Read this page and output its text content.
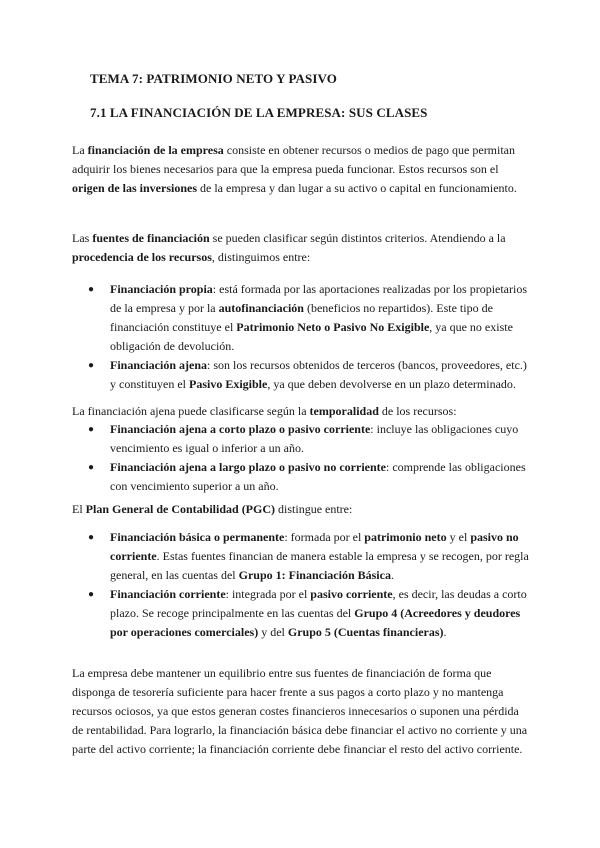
TEMA 7: PATRIMONIO NETO Y PASIVO
7.1 LA FINANCIACIÓN DE LA EMPRESA: SUS CLASES

La financiación de la empresa consiste en obtener recursos o medios de pago que permitan adquirir los bienes necesarios para que la empresa pueda funcionar. Estos recursos son el origen de las inversiones de la empresa y dan lugar a su activo o capital en funcionamiento.

Las fuentes de financiación se pueden clasificar según distintos criterios. Atendiendo a la procedencia de los recursos, distinguimos entre:

● Financiación propia: está formada por las aportaciones realizadas por los propietarios de la empresa y por la autofinanciación (beneficios no repartidos). Este tipo de financiación constituye el Patrimonio Neto o Pasivo No Exigible, ya que no existe obligación de devolución.
● Financiación ajena: son los recursos obtenidos de terceros (bancos, proveedores, etc.) y constituyen el Pasivo Exigible, ya que deben devolverse en un plazo determinado.

La financiación ajena puede clasificarse según la temporalidad de los recursos:

● Financiación ajena a corto plazo o pasivo corriente: incluye las obligaciones cuyo vencimiento es igual o inferior a un año.
● Financiación ajena a largo plazo o pasivo no corriente: comprende las obligaciones con vencimiento superior a un año.

El Plan General de Contabilidad (PGC) distingue entre:

● Financiación básica o permanente: formada por el patrimonio neto y el pasivo no corriente. Estas fuentes financian de manera estable la empresa y se recogen, por regla general, en las cuentas del Grupo 1: Financiación Básica.
● Financiación corriente: integrada por el pasivo corriente, es decir, las deudas a corto plazo. Se recoge principalmente en las cuentas del Grupo 4 (Acreedores y deudores por operaciones comerciales) y del Grupo 5 (Cuentas financieras).

La empresa debe mantener un equilibrio entre sus fuentes de financiación de forma que disponga de tesorería suficiente para hacer frente a sus pagos a corto plazo y no mantenga recursos ociosos, ya que estos generan costes financieros innecesarios o suponen una pérdida de rentabilidad. Para lograrlo, la financiación básica debe financiar el activo no corriente y una parte del activo corriente; la financiación corriente debe financiar el resto del activo corriente.
